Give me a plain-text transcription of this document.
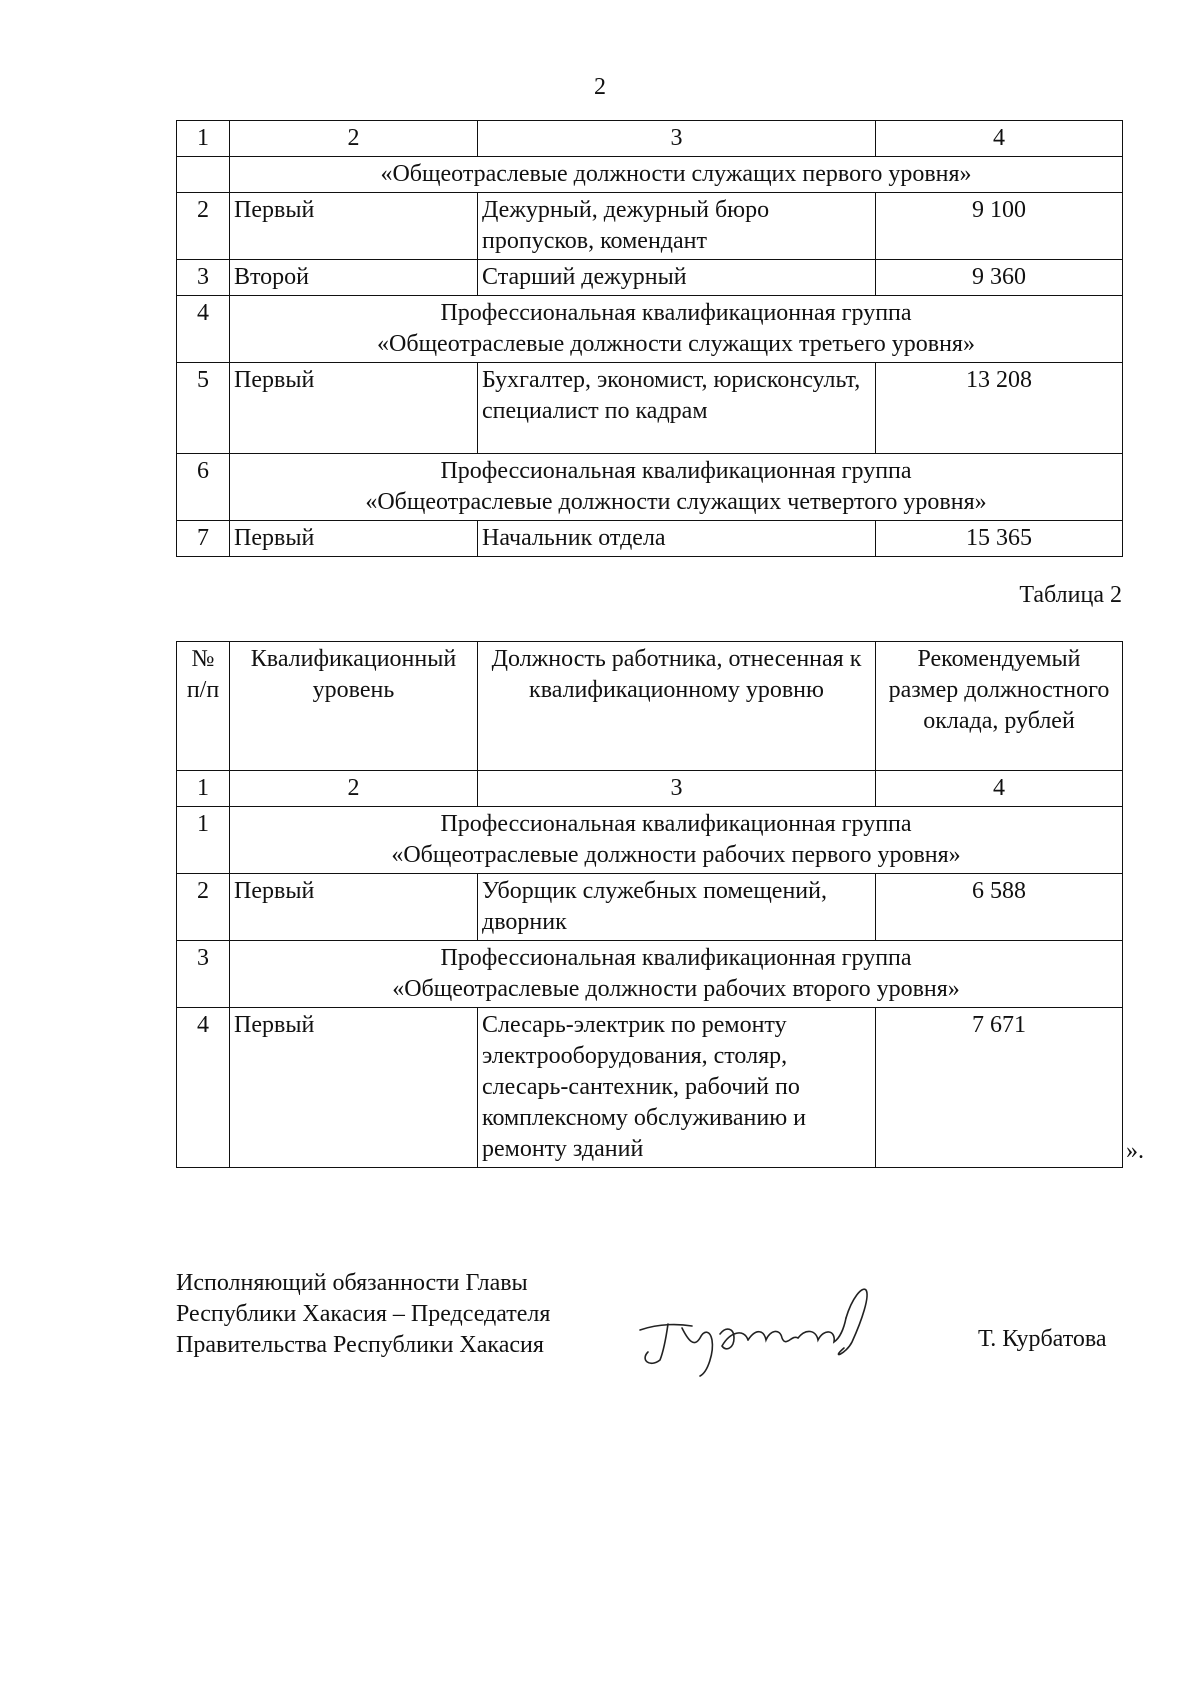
2
1	2	3	4

	«Общеотраслевые должности служащих первого уровня»		

2	Первый	Дежурный, дежурный бюро пропусков, комендант	9 100
3	Второй	Старший дежурный	9 360
4	Профессиональная квалификационная группа
«Общеотраслевые должности служащих третьего уровня»		

5	Первый	Бухгалтер, экономист, юрисконсульт, специалист по кадрам	13 208
6	Профессиональная квалификационная группа
«Общеотраслевые должности служащих четвертого уровня»		

7	Первый	Начальник отдела	15 365
Таблица 2
№ п/п	Квалификационный уровень	Должность работника, отнесенная к квалификационному уровню	Рекомендуемый размер должностного оклада, рублей
1	2	3	4
1	Профессиональная квалификационная группа
«Общеотраслевые должности рабочих первого уровня»		

2	Первый	Уборщик служебных помещений, дворник	6 588
3	Профессиональная квалификационная группа
«Общеотраслевые должности рабочих второго уровня»		

4	Первый	Слесарь-электрик по ремонту электрооборудования, столяр, слесарь-сантехник, рабочий по комплексному обслуживанию и ремонту зданий	7 671
».
Исполняющий обязанности Главы
Республики Хакасия – Председателя
Правительства Республики Хакасия	Т. Курбатова
